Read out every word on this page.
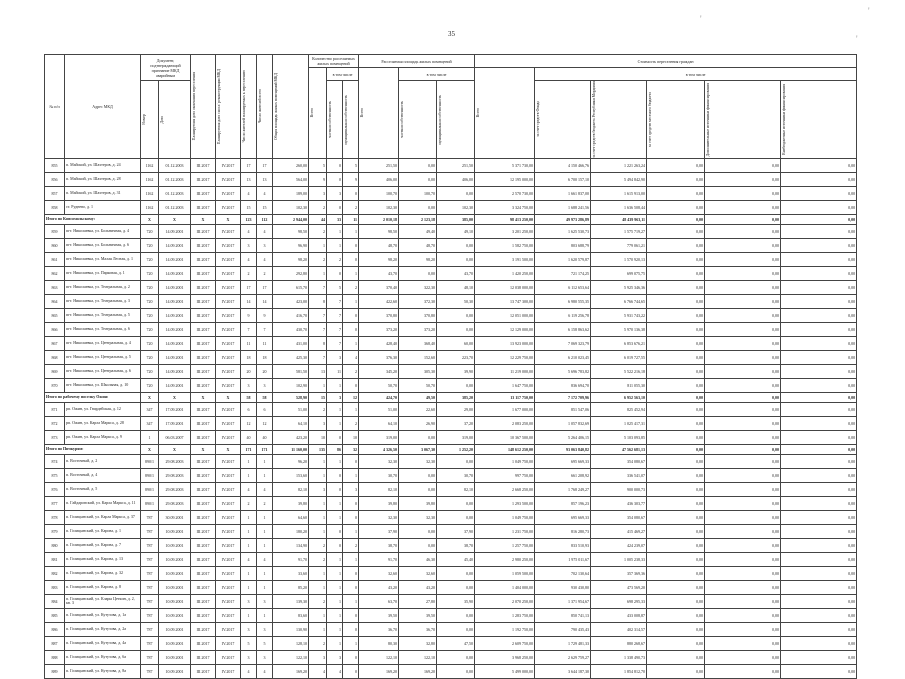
35
'
'
'
№ п/п	Адрес МКД	Документ, подтверждающий признание МКД аварийным		Планируемая дата окончания переселения	Планируемая дата сноса/ реконструкции МКД	Число жителей планируемых к переселению	Число жителей всего	Общая площадь жилых помещений МКД	Количество расселяемых жилых помещений			Расселяемая площадь жилых помещений			Стоимость переселения граждан					

									Всего	в том числе		Всего	в том числе		Всего	в том числе				

		Номер	Дата							частная собственность	муниципальная собственность		частная собственность	муниципальная собственность		за счет средств Фонда	за счет средств бюджета Республики Мордовия	за счет средств местного бюджета	Дополнительные источники финансирования	Внебюджетные источники финансирования

855	п. Майский, ул. Шахтеров, д. 24	1162	01.12.2003	III.2017	IV.2017	17	17	260,00	5	0	5	251,50	0,00	251,50	5 371 730,00	4 150 466,76	1 221 263,24	0,00	0,00	0,00
856	п. Майский, ул. Шахтеров, д. 28	1162	01.12.2003	III.2017	IV.2017	13	13	564,00	9	0	9	406,00	0,00	406,00	12 195 000,00	6 700 157,10	5 494 842,90	0,00	0,00	0,00
857	п. Майский, ул. Шахтеров, д. 31	1162	01.12.2003	III.2017	IV.2017	4	4	189,00	3	3	0	100,70	100,70	0,00	2 570 730,00	1 661 837,00	1 615 913,00	0,00	0,00	0,00
858	ст. Руднево, д. 1	1162	01.12.2003	III.2017	IV.2017	15	15	102,30	2	0	2	102,30	0,00	102,30	3 324 750,00	1 688 241,56	1 636 508,44	0,00	0,00	0,00
Итого по Комсомольскому:		X	X	X	X	123	112	2 944,00	44	33	11	2 010,18	2 123,18	385,00	98 413 250,00	49 973 286,89	48 439 963,11	0,00	0,00	0,00
859	пгт. Николаевка, ул. Больничная, д. 4	720	14.09.2001	III.2017	IV.2017	4	4	98,50	2	1	1	98,50	49,40	49,10	3 201 250,00	1 625 530,73	1 575 719,27	0,00	0,00	0,00
860	пгт. Николаевка, ул. Больничная, д. 6	720	14.09.2001	III.2017	IV.2017	3	3	96,90	1	1	0	48,70	48,70	0,00	1 582 750,00	803 688,79	779 061,21	0,00	0,00	0,00
861	пгт. Николаевка, ул. Малая Лесная, д. 1	720	14.09.2001	III.2017	IV.2017	4	4	98,20	2	2	0	98,20	98,20	0,00	3 191 500,00	1 620 579,87	1 570 920,13	0,00	0,00	0,00
862	пгт. Николаевка, ул. Парковая, д. 1	720	14.09.2001	III.2017	IV.2017	2	2	292,80	1	0	1	43,70	0,00	43,70	1 420 250,00	721 174,25	699 075,75	0,00	0,00	0,00
863	пгт. Николаевка, ул. Театральная, д. 2	720	14.09.2001	III.2017	IV.2017	17	17	615,70	7	5	2	370,40	322,30	48,10	12 038 000,00	6 112 653,64	5 925 346,36	0,00	0,00	0,00
864	пгт. Николаевка, ул. Театральная, д. 3	720	14.09.2001	III.2017	IV.2017	14	14	423,00	8	7	1	422,60	372,30	50,30	13 747 300,00	6 980 555,35	6 766 744,65	0,00	0,00	0,00
865	пгт. Николаевка, ул. Театральная, д. 5	720	14.09.2001	III.2017	IV.2017	9	9	416,70	7	7	0	370,80	370,80	0,00	12 051 000,00	6 119 256,78	5 931 743,22	0,00	0,00	0,00
866	пгт. Николаевка, ул. Театральная, д. 6	720	14.09.2001	III.2017	IV.2017	7	7	430,70	7	7	0	373,20	373,20	0,00	12 129 000,00	6 158 863,62	5 970 136,38	0,00	0,00	0,00
867	пгт. Николаевка, ул. Центральная, д. 4	720	14.09.2001	III.2017	IV.2017	11	11	431,00	8	7	1	428,40	368,40	60,00	13 923 000,00	7 069 323,79	6 853 676,21	0,00	0,00	0,00
868	пгт. Николаевка, ул. Центральная, д. 5	720	14.09.2001	III.2017	IV.2017	18	18	425,30	7	3	4	376,30	152,60	223,70	12 229 750,00	6 210 023,45	6 019 727,55	0,00	0,00	0,00
869	пгт. Николаевка, ул. Центральная, д. 6	720	14.09.2001	III.2017	IV.2017	20	20	581,50	13	11	2	345,20	305,30	39,90	11 219 000,00	5 696 783,82	5 522 216,18	0,00	0,00	0,00
870	пгт. Николаевка, ул. Школьная, д. 10	720	14.09.2001	III.2017	IV.2017	3	3	102,90	1	1	0	50,70	50,70	0,00	1 647 750,00	836 694,70	811 055,30	0,00	0,00	0,00
Итого по рабочему поселку Ожин:		X	X	X	X	58	58	528,90	15	3	12	424,70	49,50	385,20	13 117 750,00	7 172 709,96	6 952 563,10	0,00	0,00	0,00
871	рп. Ожин, ул. Гвардейская, д. 12	347	17.09.2001	III.2017	IV.2017	6	6	51,00	2	1	1	51,00	22,60	29,00	1 677 000,00	851 547,06	825 452,94	0,00	0,00	0,00
872	рп. Ожин, ул. Карла Маркса, д. 28	347	17.09.2001	III.2017	IV.2017	12	12	64,10	3	1	2	64,10	26,90	37,20	2 083 250,00	1 057 832,69	1 025 417,31	0,00	0,00	0,00
873	рп. Ожин, ул. Карла Маркса, д. 9	1	06.03.2007	III.2017	IV.2017	40	40	423,20	10	0	10	319,00	0,00	319,00	10 367 500,00	5 264 406,15	5 103 093,85	0,00	0,00	0,00
Итого по Пичкурям:		X	X	X	X	171	171	11 160,00	135	86	32	4 326,50	3 067,30	1 252,20	148 612 250,00	93 063 840,82	47 562 681,13	0,00	0,00	0,00
874	п. Восточный, д. 2	890/1	29.08.2003	III.2017	IV.2017	1	1	96,20	1	1	0	32,30	32,30	0,00	1 049 750,00	695 669,33	354 080,67	0,00	0,00	0,00
875	п. Восточный, д. 4	890/1	29.08.2003	III.2017	IV.2017	1	1	153,60	1	0	1	30,70	0,00	30,70	997 750,00	661 208,92	336 541,07	0,00	0,00	0,00
876	п. Восточный, д. 5	890/1	29.08.2003	III.2017	IV.2017	4	4	82,10	3	0	3	82,10	0,00	82,10	2 668 250,00	1 768 249,27	900 000,73	0,00	0,00	0,00
877	п. Гайдаровский, ул. Карла Маркса, д. 11	890/1	29.08.2003	III.2017	IV.2017	2	2	39,80	1	1	0	39,80	39,80	0,00	1 293 500,00	857 196,23	436 303,77	0,00	0,00	0,00
878	п. Голицынский, ул. Карла Маркса, д. 37	787	30.09.2001	III.2017	IV.2017	1	1	64,60	1	1	0	32,30	32,30	0,00	1 049 750,00	695 669,33	354 080,67	0,00	0,00	0,00
879	п. Голицынский, ул. Карова, д. 1	787	10.09.2001	III.2017	IV.2017	1	1	180,20	1	0	1	37,90	0,00	37,90	1 231 750,00	816 280,73	415 469,27	0,00	0,00	0,00
880	п. Голицынский, ул. Карова, д. 7	787	10.09.2001	III.2017	IV.2017	1	1	134,90	2	0	2	38,70	0,00	38,70	1 257 750,00	833 510,93	424 239,07	0,00	0,00	0,00
881	п. Голицынский, ул. Карова, д. 13	787	10.09.2001	III.2017	IV.2017	4	4	91,70	2	1	1	91,70	46,30	45,40	2 980 250,00	1 975 011,67	1 005 238,33	0,00	0,00	0,00
882	п. Голицынский, ул. Карова, д. 32	787	10.09.2001	III.2017	IV.2017	1	1	33,60	1	1	0	32,60	32,60	0,00	1 059 500,00	702 130,64	357 369,36	0,00	0,00	0,00
883	п. Голицынский, ул. Карова, д. 8	787	10.09.2001	III.2017	IV.2017	1	1	85,20	1	1	0	43,20	43,20	0,00	1 404 000,00	930 430,80	473 569,20	0,00	0,00	0,00
884	п. Голицынский, ул. Клары Цеткин, д. 2, кв. 3	787	10.09.2001	III.2017	IV.2017	3	3	139,30	2	1	1	63,70	27,80	35,90	2 070 250,00	1 371 954,67	698 295,33	0,00	0,00	0,00
885	п. Голицынский, ул. Кутузова, д. 1а	787	10.09.2001	III.2017	IV.2017	1	1	83,60	1	1	0	39,50	39,50	0,00	1 283 750,00	850 741,13	433 008,87	0,00	0,00	0,00
886	п. Голицынский, ул. Кутузова, д. 2а	787	10.09.2001	III.2017	IV.2017	3	3	130,90	1	1	0	36,70	36,70	0,00	1 192 750,00	790 435,43	402 314,57	0,00	0,00	0,00
887	п. Голицынский, ул. Кутузова, д. 4а	787	10.09.2001	III.2017	IV.2017	5	5	128,10	2	1	1	80,30	32,80	47,50	2 609 750,00	1 729 481,33	880 268,67	0,00	0,00	0,00
888	п. Голицынский, ул. Кутузова, д. 6а	787	10.09.2001	III.2017	IV.2017	3	3	122,10	3	3	0	122,10	122,10	0,00	3 968 250,00	2 629 759,27	1 338 490,73	0,00	0,00	0,00
889	п. Голицынский, ул. Кутузова, д. 8а	787	10.09.2001	III.2017	IV.2017	4	4	169,20	4	4	0	169,20	169,20	0,00	5 499 000,00	3 644 187,30	1 854 812,70	0,00	0,00	0,00
